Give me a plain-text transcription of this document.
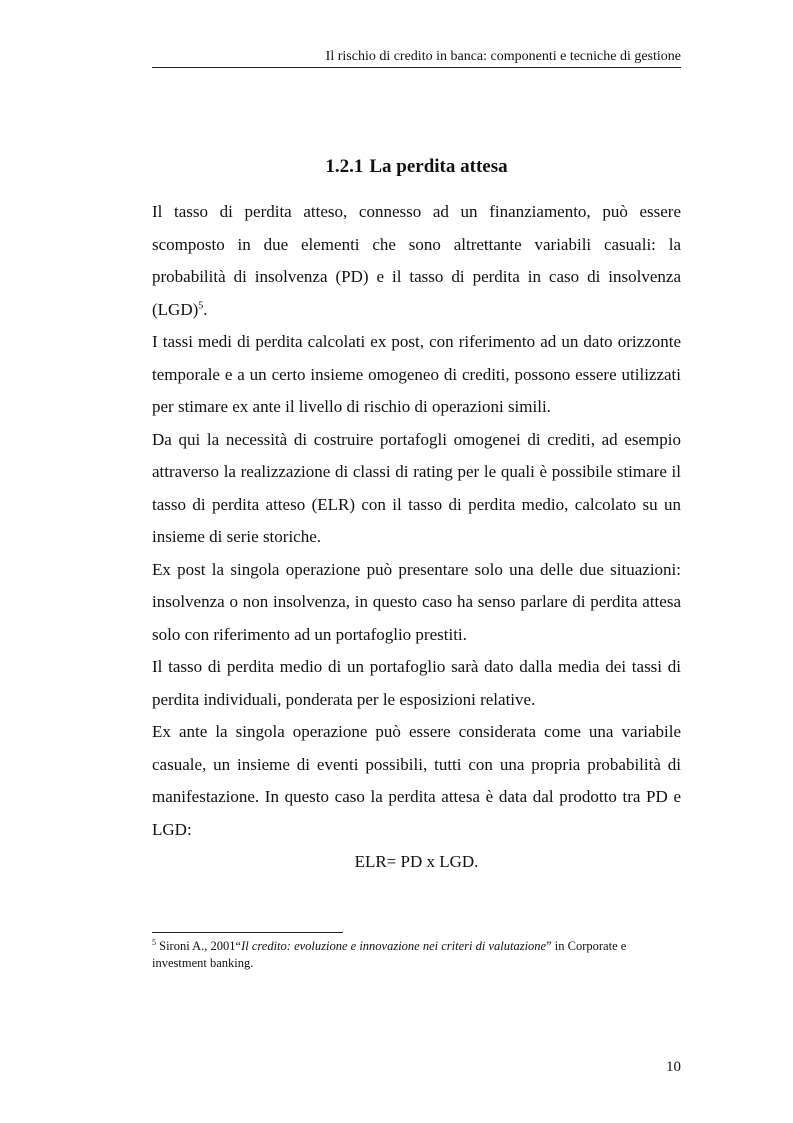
Il rischio di credito in banca: componenti e tecniche di gestione
1.2.1 La perdita attesa

Il tasso di perdita atteso, connesso ad un finanziamento, può essere scomposto in due elementi che sono altrettante variabili casuali: la probabilità di insolvenza (PD) e il tasso di perdita in caso di insolvenza (LGD)$^5$.

I tassi medi di perdita calcolati ex post, con riferimento ad un dato orizzonte temporale e a un certo insieme omogeneo di crediti, possono essere utilizzati per stimare ex ante il livello di rischio di operazioni simili.

Da qui la necessità di costruire portafogli omogenei di crediti, ad esempio attraverso la realizzazione di classi di rating per le quali è possibile stimare il tasso di perdita atteso (ELR) con il tasso di perdita medio, calcolato su un insieme di serie storiche.

Ex post la singola operazione può presentare solo una delle due situazioni: insolvenza o non insolvenza, in questo caso ha senso parlare di perdita attesa solo con riferimento ad un portafoglio prestiti.

Il tasso di perdita medio di un portafoglio sarà dato dalla media dei tassi di perdita individuali, ponderata per le esposizioni relative.

Ex ante la singola operazione può essere considerata come una variabile casuale, un insieme di eventi possibili, tutti con una propria probabilità di manifestazione. In questo caso la perdita attesa è data dal prodotto tra PD e LGD:

ELR= PD x LGD.

$^5$ Sironi A., 2001“Il credito: evoluzione e innovazione nei criteri di valutazione” in Corporate e investment banking.
10
